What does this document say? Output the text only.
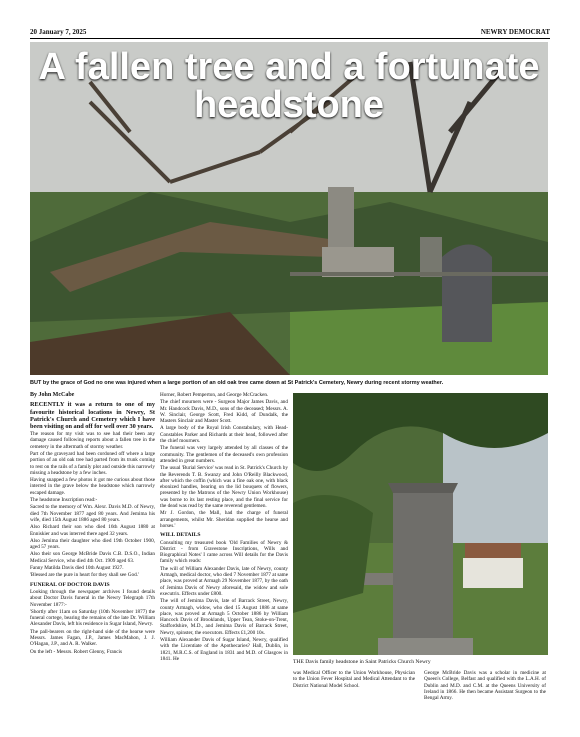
20 January 7, 2025	NEWRY DEMOCRAT
A fallen tree and a fortunate headstone
BUT by the grace of God no one was injured when a large portion of an old oak tree came down at St Patrick's Cemetery, Newry during recent stormy weather.
By John McCabe

RECENTLY it was a return to one of my favourite historical locations in Newry, St Patrick's Church and Cemetery which I have been visiting on and off for well over 30 years.

The reason for my visit was to see had their been any damage caused following reports about a fallen tree in the cemetery in the aftermath of stormy weather.

Part of the graveyard had been cordoned off where a large portion of an old oak tree had parted from its trunk coming to rest on the rails of a family plot and outside this narrowly missing a headstone by a few inches.

Having snapped a few photos it got me curious about those interred in the grave below the headstone which narrowly escaped damage.

The headstone Inscription read:-

Sacred to the memory of Wm. Alexr. Davis M.D. of Newry, died 7th November 1877 aged 80 years. And Jemima his wife, died 15th August 1886 aged 80 years.

Also Richard their son who died 16th August 1880 at Enniskier and was interred there aged 32 years.

Also Jemima their daughter who died 19th October 1900, aged 57 years.

Also their son George McBride Davis C.B. D.S.O., Indian Medical Service, who died 4th Oct. 1909 aged 63.

Fanny Matilda Davis died 10th August 1927.

'Blessed are the pure in heart for they shall see God.'

FUNERAL OF DOCTOR DAVIS

Looking through the newspaper archives I found details about Doctor Davis funeral in the Newry Telegraph 17th November 1877:-

'Shortly after 11am on Saturday (10th November 1877) the funeral cortege, bearing the remains of the late Dr. William Alexander Davis, left his residence in Sugar Island, Newry.

The pall-bearers on the right-hand side of the hearse were Messrs. James Fagan, J.P., James MacMahon, J. J. O'Hagan, J.P., and A. R. Walker.

On the left - Messrs. Robert Glenny, Francis

Horner, Robert Pemperton, and George McCracken.

The chief mourners were - Surgeon Major James Davis, and Mr. Handcock Davis, M.D., sons of the deceased; Messrs. A. W. Sinclair, George Scott, Fred Kidd, of Dundalk, the Masters Sinclair and Master Scott.

A large body of the Royal Irish Constabulary, with Head-Constables Parker and Richards at their head, followed after the chief mourners.

The funeral was very largely attended by all classes of the community. The gentlemen of the deceased's own profession attended in great numbers.

The usual 'Burial Service' was read in St. Patrick's Church by the Reverends T. B. Swanzy and John O'Reilly Blackwood, after which the coffin (which was a fine oak one, with black ebonized handles, bearing on the lid bouquets of flowers, presented by the Matrons of the Newry Union Workhouse) was borne to its last resting place, and the final service for the dead was read by the same reverend gentlemen.

Mr J. Gordon, the Mall, had the charge of funeral arrangements, whilst Mr. Sheridan supplied the hearse and horses.'

WILL DETAILS

Consulting my treasured book 'Old Families of Newry & District - from Gravestone Inscriptions, Wills and Biographical Notes' I came across Will details for the Davis family which reads:

The will of William Alexander Davis, late of Newry, county Armagh, medical doctor, who died 7 November 1877 at same place, was proved at Armagh 29 November 1877, by the oath of Jemima Davis of Newry aforesaid, the widow and sole executrix. Effects under £800.

The will of Jemima Davis, late of Barrack Street, Newry, county Armagh, widow, who died 15 August 1886 at same place, was proved at Armagh 5 October 1886 by William Hancock Davis of Brooklands, Upper Tean, Stoke-on-Trent, Staffordshire, M.D., and Jemima Davis of Barrack Street, Newry, spinster, the executors. Effects £1,200 10s.

William Alexander Davis of Sugar Island, Newry, qualified with the Licentiate of the Apothecaries? Hall, Dublin, in 1821, M.R.C.S. of England in 1831 and M.D. of Glasgow in 1841. He

THE Davis family headstone in Saint Patricks Church Newry

was Medical Officer to the Union Workhouse, Physician to the Union Fever Hospital and Medical Attendant to the District National Model School.

George McBride Davis was a scholar in medicine at Queen's College, Belfast and qualified with the L.A.H. of Dublin and M.D. and C.M. at the Queens University of Ireland in 1866. He then became Assistant Surgeon to the Bengal Army.
